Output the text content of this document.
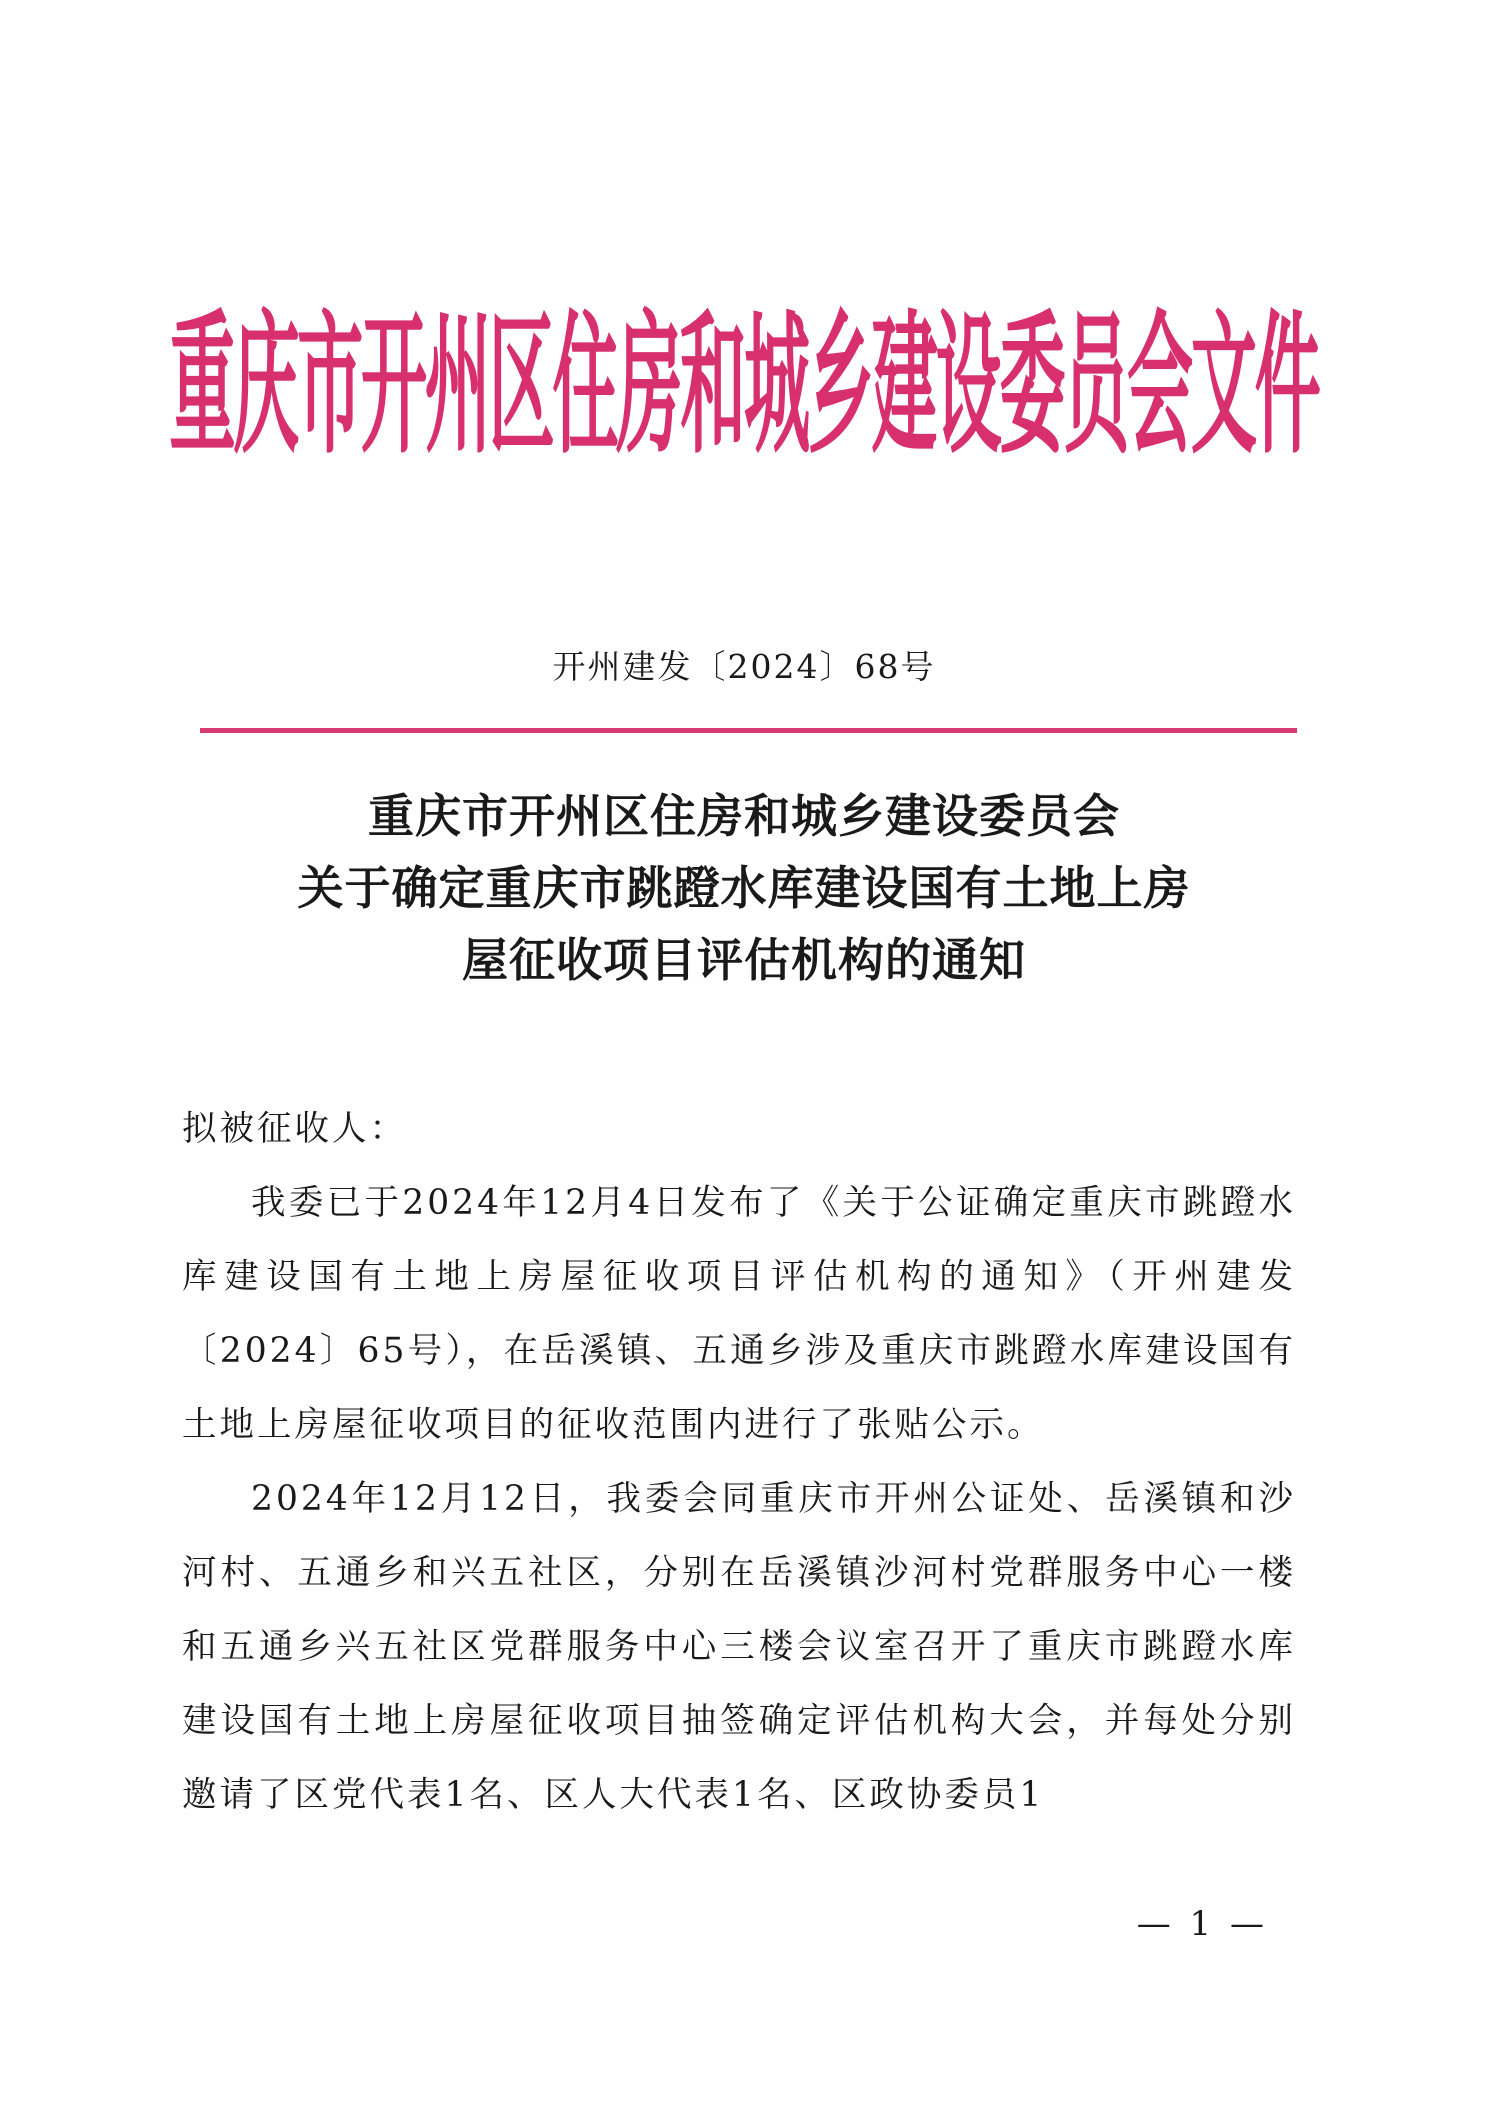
重庆市开州区住房和城乡建设委员会文件
开州建发〔2024〕68号
重庆市开州区住房和城乡建设委员会
关于确定重庆市跳蹬水库建设国有土地上房
屋征收项目评估机构的通知

拟被征收人：

我委已于2024年12月4日发布了《关于公证确定重庆市跳蹬水库建设国有土地上房屋征收项目评估机构的通知》（开州建发〔2024〕65号），在岳溪镇、五通乡涉及重庆市跳蹬水库建设国有土地上房屋征收项目的征收范围内进行了张贴公示。

2024年12月12日，我委会同重庆市开州公证处、岳溪镇和沙河村、五通乡和兴五社区，分别在岳溪镇沙河村党群服务中心一楼和五通乡兴五社区党群服务中心三楼会议室召开了重庆市跳蹬水库建设国有土地上房屋征收项目抽签确定评估机构大会，并每处分别邀请了区党代表1名、区人大代表1名、区政协委员1

— 1 —
